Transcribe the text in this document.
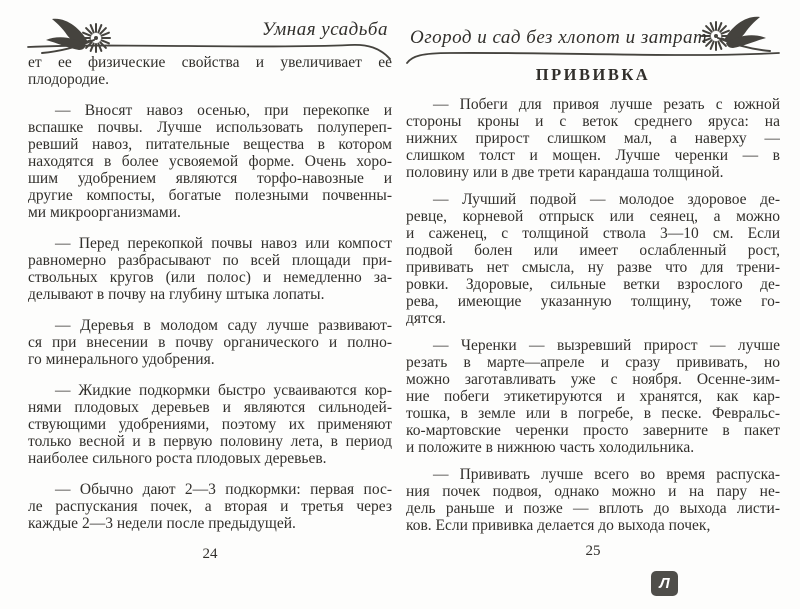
Умная усадьба
ет ее физические свойства и увеличивает ее
плодородие.
— Вносят навоз осенью, при перекопке и
вспашке почвы. Лучше использовать полупереп-
ревший навоз, питательные вещества в котором
находятся в более усвояемой форме. Очень хоро-
шим удобрением являются торфо-навозные и
другие компосты, богатые полезными почвенны-
ми микроорганизмами.
— Перед перекопкой почвы навоз или компост
равномерно разбрасывают по всей площади при-
ствольных кругов (или полос) и немедленно за-
делывают в почву на глубину штыка лопаты.
— Деревья в молодом саду лучше развивают-
ся при внесении в почву органического и полно-
го минерального удобрения.
— Жидкие подкормки быстро усваиваются кор-
нями плодовых деревьев и являются сильнодей-
ствующими удобрениями, поэтому их применяют
только весной и в первую половину лета, в период
наиболее сильного роста плодовых деревьев.
— Обычно дают 2—3 подкормки: первая пос-
ле распускания почек, а вторая и третья через
каждые 2—3 недели после предыдущей.
24
Огород и сад без хлопот и затрат
ПРИВИВКА
— Побеги для привоя лучше резать с южной
стороны кроны и с веток среднего яруса: на
нижних прирост слишком мал, а наверху —
слишком толст и мощен. Лучше черенки — в
половину или в две трети карандаша толщиной.
— Лучший подвой — молодое здоровое де-
ревце, корневой отпрыск или сеянец, а можно
и саженец, с толщиной ствола 3—10 см. Если
подвой болен или имеет ослабленный рост,
прививать нет смысла, ну разве что для трени-
ровки. Здоровые, сильные ветки взрослого де-
рева, имеющие указанную толщину, тоже го-
дятся.
— Черенки — вызревший прирост — лучше
резать в марте—апреле и сразу прививать, но
можно заготавливать уже с ноября. Осенне-зим-
ние побеги этикетируются и хранятся, как кар-
тошка, в земле или в погребе, в песке. Февральс-
ко-мартовские черенки просто заверните в пакет
и положите в нижнюю часть холодильника.
— Прививать лучше всего во время распуска-
ния почек подвоя, однако можно и на пару не-
дель раньше и позже — вплоть до выхода листи-
ков. Если прививка делается до выхода почек,
25
Л
